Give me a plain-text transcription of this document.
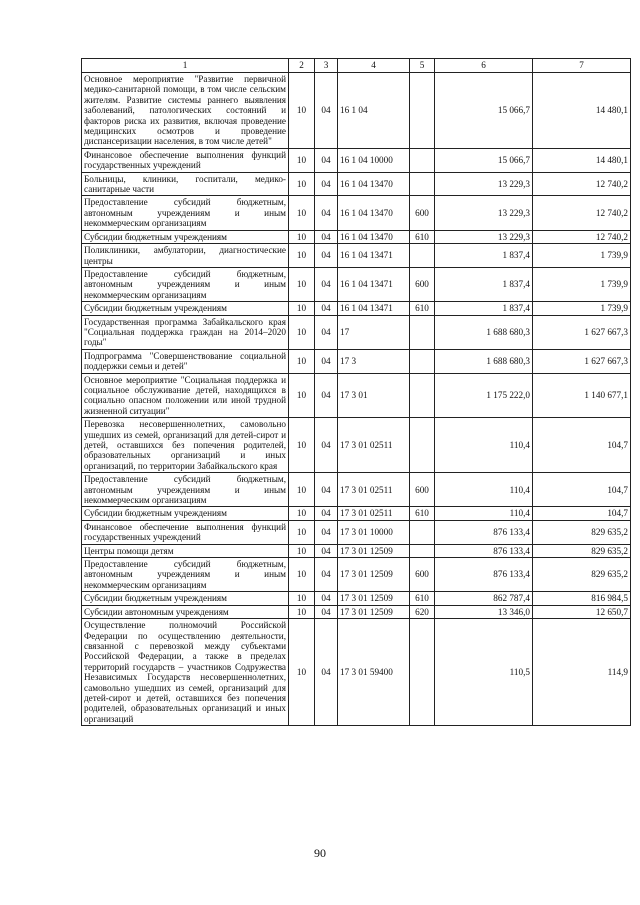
1	2	3	4	5	6	7
Основное мероприятие "Развитие первичной медико-санитарной помощи, в том числе сельским жителям. Развитие системы раннего выявления заболеваний, патологических состояний и факторов риска их развития, включая проведение медицинских осмотров и проведение диспансеризации населения, в том числе детей"	10	04	16 1 04		15 066,7	14 480,1
Финансовое обеспечение выполнения функций государственных учреждений	10	04	16 1 04 10000		15 066,7	14 480,1
Больницы, клиники, госпитали, медико-санитарные части	10	04	16 1 04 13470		13 229,3	12 740,2
Предоставление субсидий бюджетным, автономным учреждениям и иным некоммерческим организациям	10	04	16 1 04 13470	600	13 229,3	12 740,2
Субсидии бюджетным учреждениям	10	04	16 1 04 13470	610	13 229,3	12 740,2
Поликлиники, амбулатории, диагностические центры	10	04	16 1 04 13471		1 837,4	1 739,9
Предоставление субсидий бюджетным, автономным учреждениям и иным некоммерческим организациям	10	04	16 1 04 13471	600	1 837,4	1 739,9
Субсидии бюджетным учреждениям	10	04	16 1 04 13471	610	1 837,4	1 739,9
Государственная программа Забайкальского края "Социальная поддержка граждан на 2014–2020 годы"	10	04	17		1 688 680,3	1 627 667,3
Подпрограмма "Совершенствование социальной поддержки семьи и детей"	10	04	17 3		1 688 680,3	1 627 667,3
Основное мероприятие "Социальная поддержка и социальное обслуживание детей, находящихся в социально опасном положении или иной трудной жизненной ситуации"	10	04	17 3 01		1 175 222,0	1 140 677,1
Перевозка несовершеннолетних, самовольно ушедших из семей, организаций для детей-сирот и детей, оставшихся без попечения родителей, образовательных организаций и иных организаций, по территории Забайкальского края	10	04	17 3 01 02511		110,4	104,7
Предоставление субсидий бюджетным, автономным учреждениям и иным некоммерческим организациям	10	04	17 3 01 02511	600	110,4	104,7
Субсидии бюджетным учреждениям	10	04	17 3 01 02511	610	110,4	104,7
Финансовое обеспечение выполнения функций государственных учреждений	10	04	17 3 01 10000		876 133,4	829 635,2
Центры помощи детям	10	04	17 3 01 12509		876 133,4	829 635,2
Предоставление субсидий бюджетным, автономным учреждениям и иным некоммерческим организациям	10	04	17 3 01 12509	600	876 133,4	829 635,2
Субсидии бюджетным учреждениям	10	04	17 3 01 12509	610	862 787,4	816 984,5
Субсидии автономным учреждениям	10	04	17 3 01 12509	620	13 346,0	12 650,7
Осуществление полномочий Российской Федерации по осуществлению деятельности, связанной с перевозкой между субъектами Российской Федерации, а также в пределах территорий государств – участников Содружества Независимых Государств несовершеннолетних, самовольно ушедших из семей, организаций для детей-сирот и детей, оставшихся без попечения родителей, образовательных организаций и иных организаций	10	04	17 3 01 59400		110,5	114,9
90
